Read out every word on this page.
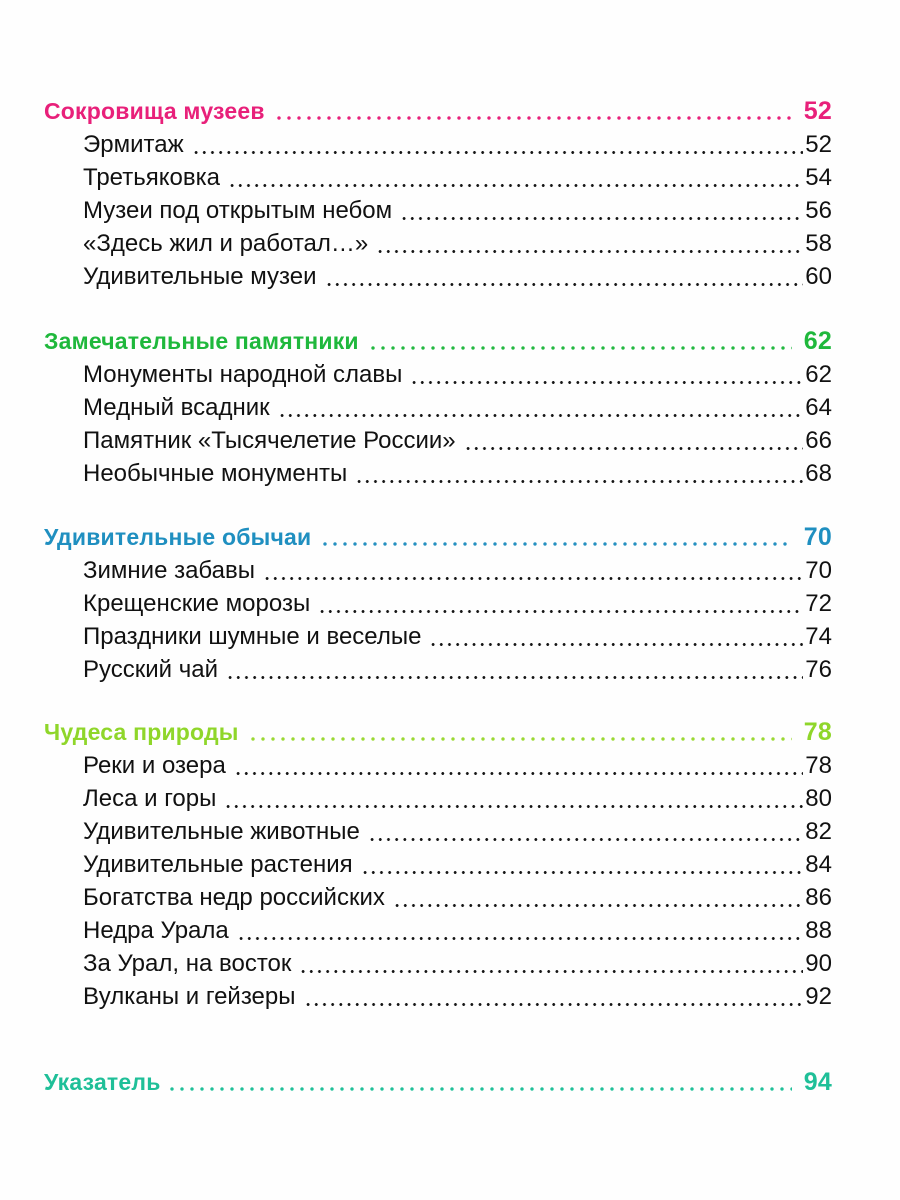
Сокровища музеев	52
Эрмитаж	52
Третьяковка	54
Музеи под открытым небом	56
«Здесь жил и работал…»	58
Удивительные музеи	60
Замечательные памятники	62
Монументы народной славы	62
Медный всадник	64
Памятник «Тысячелетие России»	66
Необычные монументы	68
Удивительные обычаи	70
Зимние забавы	70
Крещенские морозы	72
Праздники шумные и веселые	74
Русский чай	76
Чудеса природы	78
Реки и озера	78
Леса и горы	80
Удивительные животные	82
Удивительные растения	84
Богатства недр российских	86
Недра Урала	88
За Урал, на восток	90
Вулканы и гейзеры	92
Указатель	94
